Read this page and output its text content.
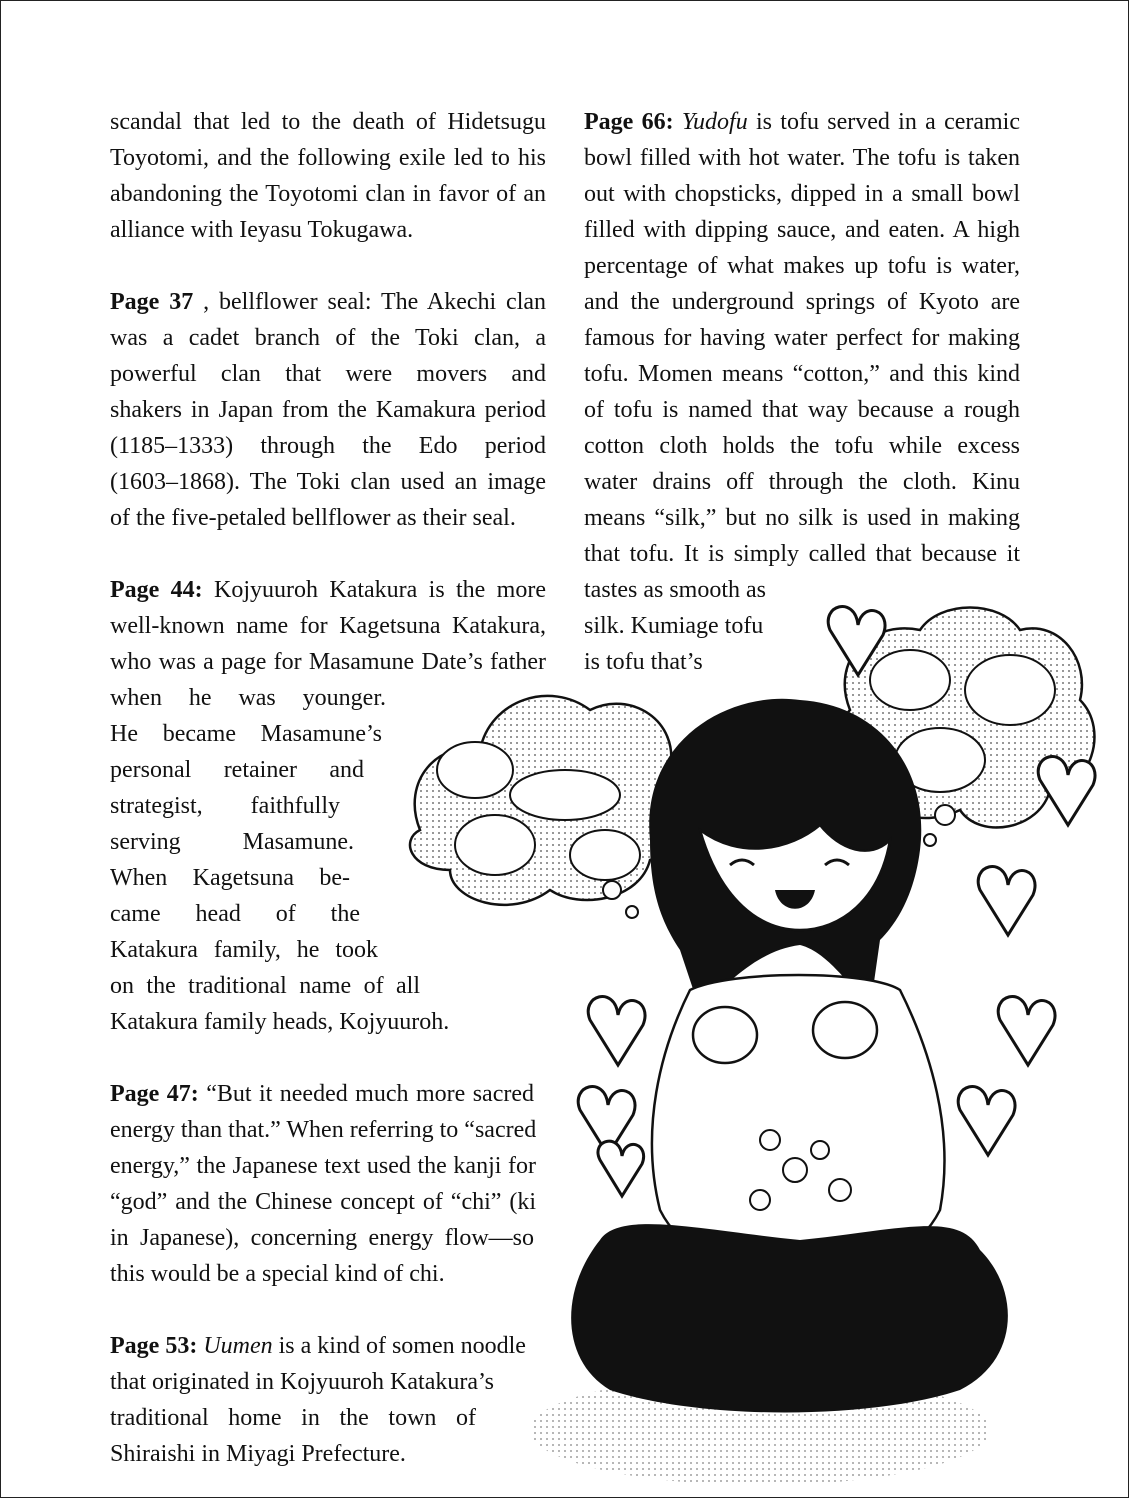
scandal that led to the death of Hidetsugu
Toyotomi, and the following exile led to his
abandoning the Toyotomi clan in favor of an
alliance with Ieyasu Tokugawa.
Page 37 , bellflower seal: The Akechi clan
was a cadet branch of the Toki clan, a
powerful clan that were movers and
shakers in Japan from the Kamakura period
(1185–1333) through the Edo period
(1603–1868). The Toki clan used an image
of the five-petaled bellflower as their seal.
Page 44: Kojyuuroh Katakura is the more
well-known name for Kagetsuna Katakura,
who was a page for Masamune Date’s father
when he was younger.
He became Masamune’s
personal retainer and
strategist, faithfully
serving Masamune.
When Kagetsuna be-
came head of the
Katakura family, he took
on the traditional name of all
Katakura family heads, Kojyuuroh.
Page 47: “But it needed much more sacred
energy than that.” When referring to “sacred
energy,” the Japanese text used the kanji for
“god” and the Chinese concept of “chi” (ki
in Japanese), concerning energy flow—so
this would be a special kind of chi.
Page 53: Uumen is a kind of somen noodle
that originated in Kojyuuroh Katakura’s
traditional home in the town of
Shiraishi in Miyagi Prefecture.
Page 66: Yudofu is tofu served in a ceramic
bowl filled with hot water. The tofu is taken
out with chopsticks, dipped in a small bowl
filled with dipping sauce, and eaten. A high
percentage of what makes up tofu is water,
and the underground springs of Kyoto are
famous for having water perfect for making
tofu. Momen means “cotton,” and this kind
of tofu is named that way because a rough
cotton cloth holds the tofu while excess
water drains off through the cloth. Kinu
means “silk,” but no silk is used in making
that tofu. It is simply called that because it
tastes as smooth as
silk. Kumiage tofu
is tofu that’s
